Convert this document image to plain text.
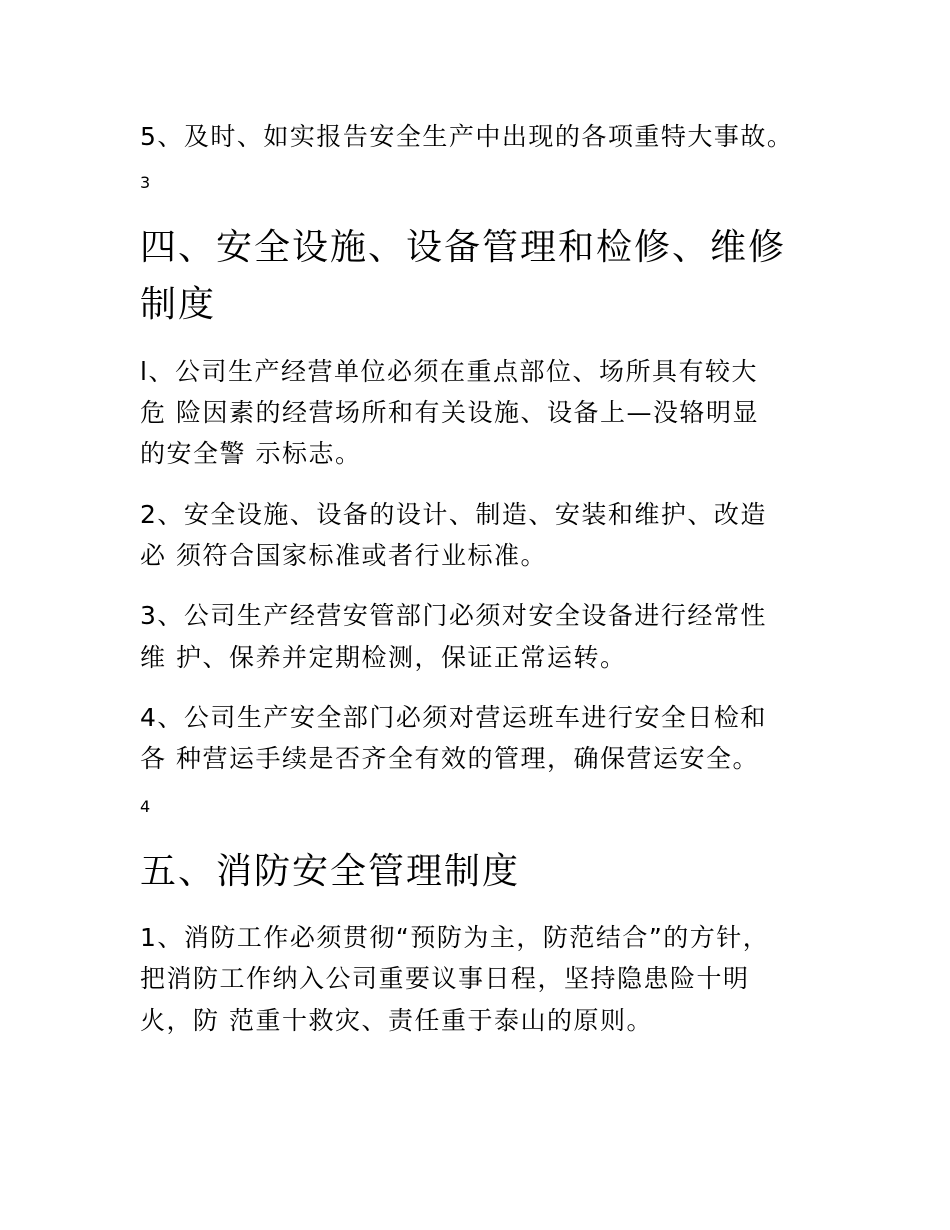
5、及时、如实报告安全生产中出现的各项重特大事故。
3
四、安全设施、设备管理和检修、维修
制度
l、公司生产经营单位必须在重点部位、场所具有较大
危 险因素的经营场所和有关设施、设备上—没辂明显
的安全警 示标志。
2、安全设施、设备的设计、制造、安装和维护、改造
必 须符合国家标准或者行业标准。
3、公司生产经营安管部门必须对安全设备进行经常性
维 护、保养并定期检测，保证正常运转。
4、公司生产安全部门必须对营运班车进行安全日检和
各 种营运手续是否齐全有效的管理，确保营运安全。
4
五、消防安全管理制度
1、消防工作必须贯彻“预防为主，防范结合”的方针，
把消防工作纳入公司重要议事日程，坚持隐患险十明
火，防 范重十救灾、责任重于泰山的原则。
